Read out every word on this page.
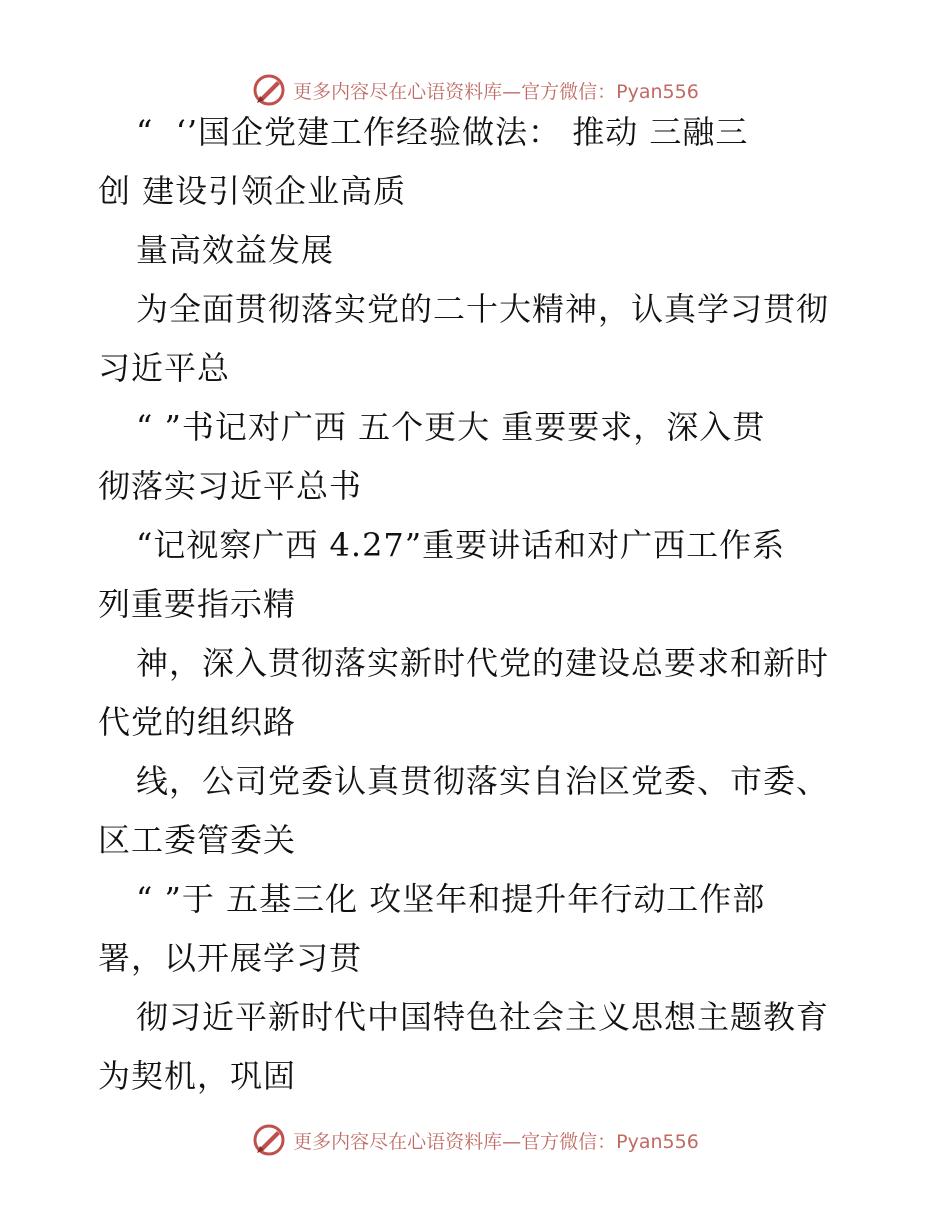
更多内容尽在心语资料库—官方微信：Pyan556
“  ‘’国企党建工作经验做法： 推动 三融三
创 建设引领企业高质
量高效益发展
为全面贯彻落实党的二十大精神，认真学习贯彻
习近平总
“ ”书记对广西 五个更大 重要要求，深入贯
彻落实习近平总书
“记视察广西 4.27”重要讲话和对广西工作系
列重要指示精
神，深入贯彻落实新时代党的建设总要求和新时
代党的组织路
线，公司党委认真贯彻落实自治区党委、市委、
区工委管委关
“ ”于 五基三化 攻坚年和提升年行动工作部
署，以开展学习贯
彻习近平新时代中国特色社会主义思想主题教育
为契机，巩固
更多内容尽在心语资料库—官方微信：Pyan556
